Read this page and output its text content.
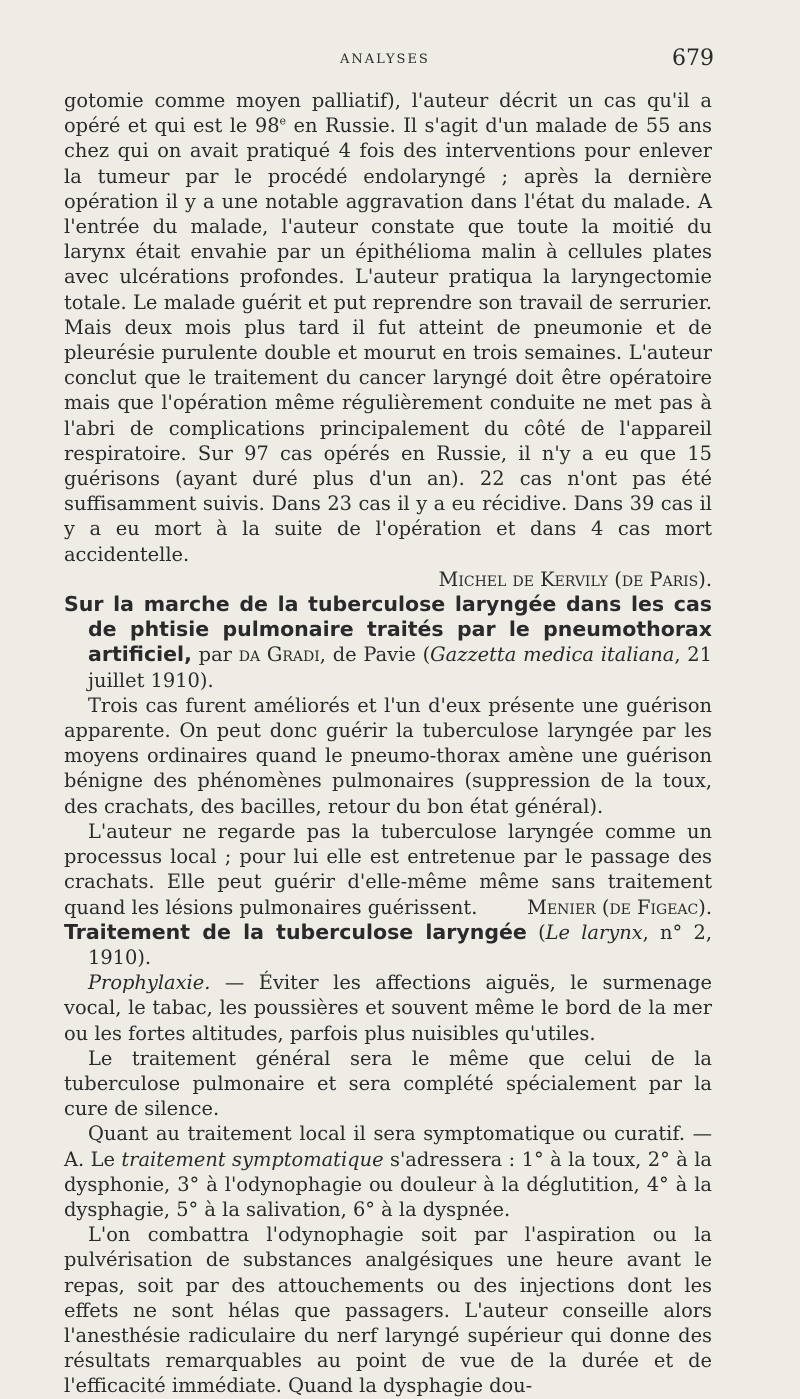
ANALYSES	679

gotomie comme moyen palliatif), l'auteur décrit un cas qu'il a opéré et qui est le 98e en Russie. Il s'agit d'un malade de 55 ans chez qui on avait pratiqué 4 fois des interventions pour enlever la tumeur par le procédé endolaryngé ; après la dernière opération il y a une notable aggravation dans l'état du malade. A l'entrée du malade, l'auteur constate que toute la moitié du larynx était envahie par un épithélioma malin à cellules plates avec ulcérations profondes. L'auteur pratiqua la laryngectomie totale. Le malade guérit et put reprendre son travail de serrurier. Mais deux mois plus tard il fut atteint de pneumonie et de pleurésie purulente double et mourut en trois semaines. L'auteur conclut que le traitement du cancer laryngé doit être opératoire mais que l'opération même régulièrement conduite ne met pas à l'abri de complications principalement du côté de l'appareil respiratoire. Sur 97 cas opérés en Russie, il n'y a eu que 15 guérisons (ayant duré plus d'un an). 22 cas n'ont pas été suffisamment suivis. Dans 23 cas il y a eu récidive. Dans 39 cas il y a eu mort à la suite de l'opération et dans 4 cas mort accidentelle.

Michel de Kervily (de Paris).

Sur la marche de la tuberculose laryngée dans les cas de phtisie pulmonaire traités par le pneumothorax artificiel, par da Gradi, de Pavie (Gazzetta medica italiana, 21 juillet 1910).

Trois cas furent améliorés et l'un d'eux présente une guérison apparente. On peut donc guérir la tuberculose laryngée par les moyens ordinaires quand le pneumo-thorax amène une guérison bénigne des phénomènes pulmonaires (suppression de la toux, des crachats, des bacilles, retour du bon état général).

L'auteur ne regarde pas la tuberculose laryngée comme un processus local ; pour lui elle est entretenue par le passage des crachats. Elle peut guérir d'elle-même même sans traitement quand les lésions pulmonaires guérissent.	Menier (de Figeac).

Traitement de la tuberculose laryngée (Le larynx, n° 2, 1910).

Prophylaxie. — Éviter les affections aiguës, le surmenage vocal, le tabac, les poussières et souvent même le bord de la mer ou les fortes altitudes, parfois plus nuisibles qu'utiles.

Le traitement général sera le même que celui de la tuberculose pulmonaire et sera complété spécialement par la cure de silence.

Quant au traitement local il sera symptomatique ou curatif. — A. Le traitement symptomatique s'adressera : 1° à la toux, 2° à la dysphonie, 3° à l'odynophagie ou douleur à la déglutition, 4° à la dysphagie, 5° à la salivation, 6° à la dyspnée.

L'on combattra l'odynophagie soit par l'aspiration ou la pulvérisation de substances analgésiques une heure avant le repas, soit par des attouchements ou des injections dont les effets ne sont hélas que passagers. L'auteur conseille alors l'anesthésie radiculaire du nerf laryngé supérieur qui donne des résultats remarquables au point de vue de la durée et de l'efficacité immédiate. Quand la dysphagie dou-
